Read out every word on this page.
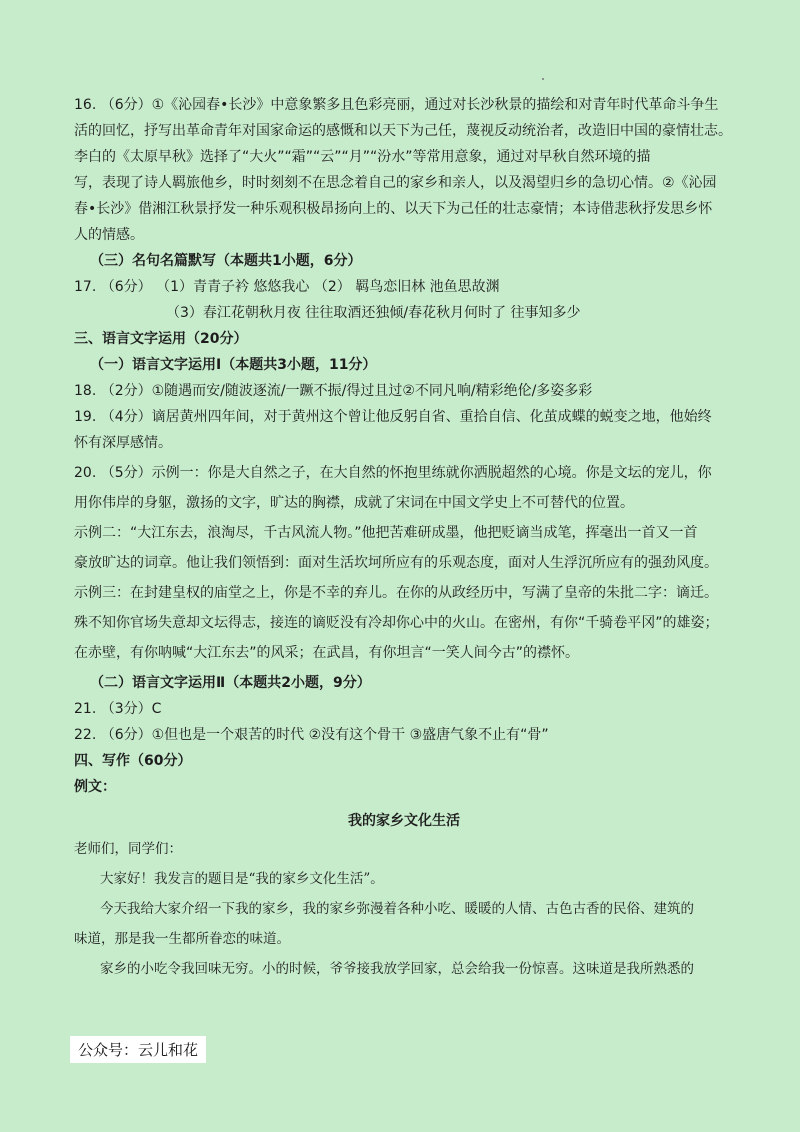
16. （6分）①《沁园春•长沙》中意象繁多且色彩亮丽，通过对长沙秋景的描绘和对青年时代革命斗争生
活的回忆，抒写出革命青年对国家命运的感慨和以天下为己任，蔑视反动统治者，改造旧中国的豪情壮志。
李白的《太原早秋》选择了“大火”“霜”“云”“月”“汾水”等常用意象，通过对早秋自然环境的描
写，表现了诗人羁旅他乡，时时刻刻不在思念着自己的家乡和亲人，以及渴望归乡的急切心情。②《沁园
春•长沙》借湘江秋景抒发一种乐观积极昂扬向上的、以天下为己任的壮志豪情；本诗借悲秋抒发思乡怀
人的情感。
（三）名句名篇默写（本题共1小题，6分）
17. （6分） （1）青青子衿 悠悠我心 （2） 羁鸟恋旧林 池鱼思故渊
（3）春江花朝秋月夜 往往取酒还独倾/春花秋月何时了 往事知多少
三、语言文字运用（20分）
（一）语言文字运用Ⅰ（本题共3小题，11分）
18. （2分）①随遇而安/随波逐流/一蹶不振/得过且过②不同凡响/精彩绝伦/多姿多彩
19. （4分）谪居黄州四年间，对于黄州这个曾让他反躬自省、重拾自信、化茧成蝶的蜕变之地，他始终
怀有深厚感情。
20. （5分）示例一：你是大自然之子，在大自然的怀抱里练就你洒脱超然的心境。你是文坛的宠儿，你
用你伟岸的身躯，激扬的文字，旷达的胸襟，成就了宋词在中国文学史上不可替代的位置。
示例二：“大江东去，浪淘尽，千古风流人物。”他把苦难研成墨，他把贬谪当成笔，挥毫出一首又一首
豪放旷达的词章。他让我们领悟到：面对生活坎坷所应有的乐观态度，面对人生浮沉所应有的强劲风度。
示例三：在封建皇权的庙堂之上，你是不幸的弃儿。在你的从政经历中，写满了皇帝的朱批二字：谪迁。
殊不知你官场失意却文坛得志，接连的谪贬没有冷却你心中的火山。在密州，有你“千骑卷平冈”的雄姿；
在赤壁，有你呐喊“大江东去”的风采；在武昌，有你坦言“一笑人间今古”的襟怀。
（二）语言文字运用Ⅱ（本题共2小题，9分）
21. （3分）C
22. （6分）①但也是一个艰苦的时代 ②没有这个骨干 ③盛唐气象不止有“骨”
四、写作（60分）
例文：
我的家乡文化生活
老师们，同学们：
大家好！我发言的题目是“我的家乡文化生活”。
今天我给大家介绍一下我的家乡，我的家乡弥漫着各种小吃、暖暖的人情、古色古香的民俗、建筑的
味道，那是我一生都所眷恋的味道。
家乡的小吃令我回味无穷。小的时候，爷爷接我放学回家，总会给我一份惊喜。这味道是我所熟悉的
公众号：云儿和花
